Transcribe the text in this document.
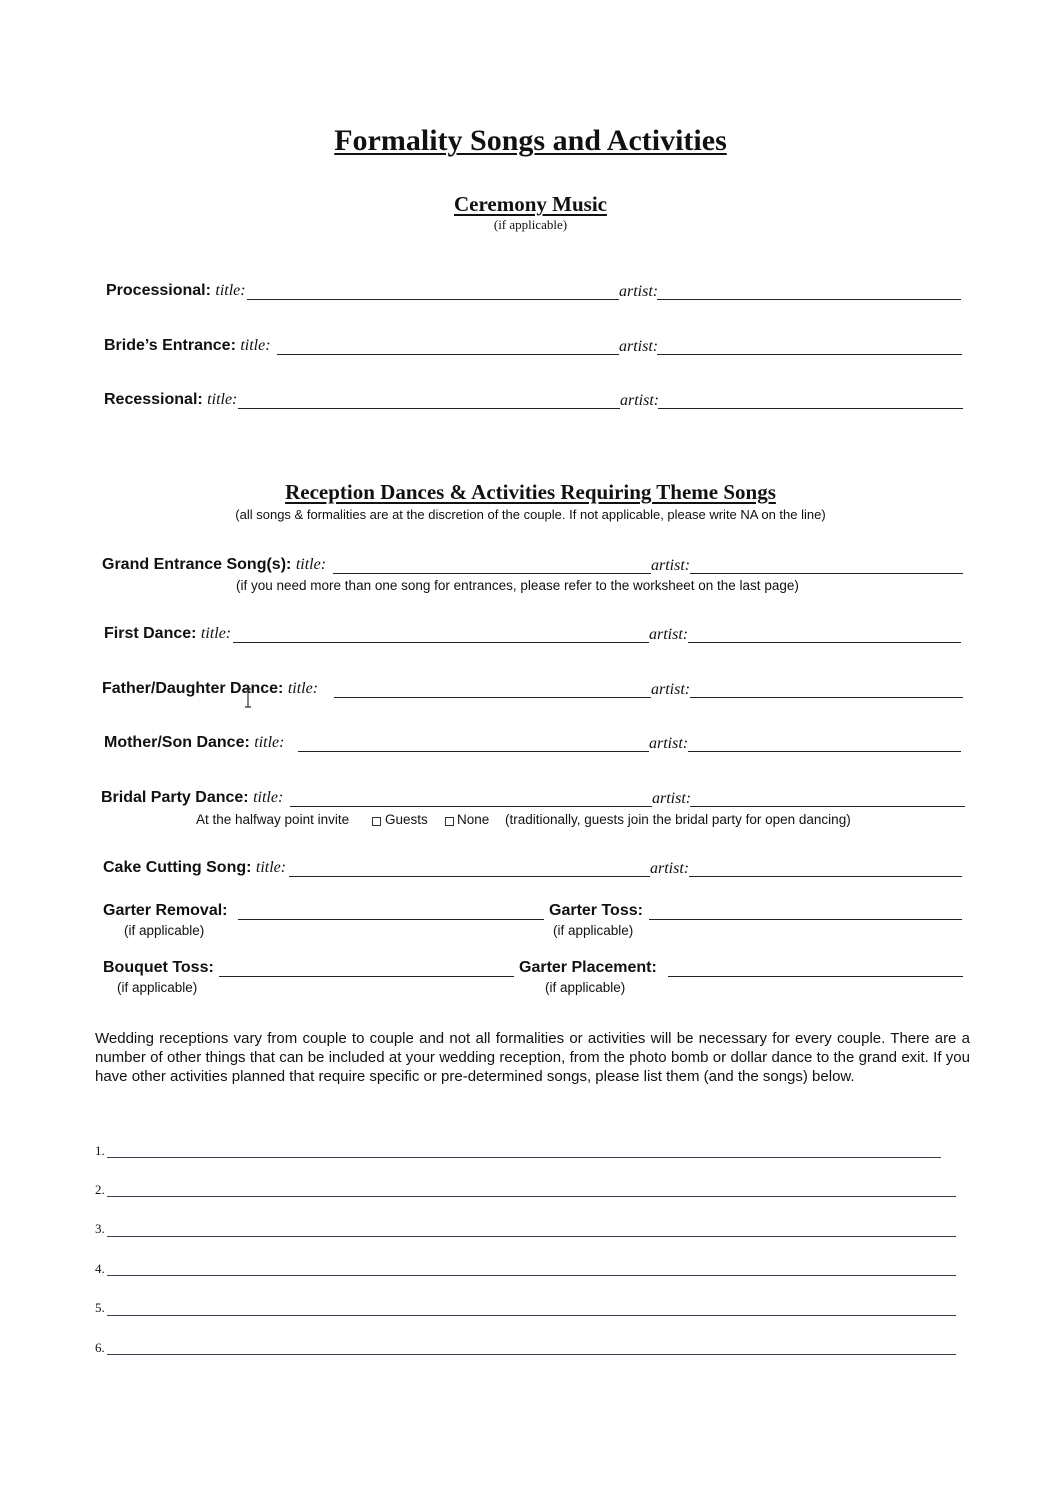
Formality Songs and Activities
Ceremony Music
(if applicable)
Processional: title:	artist:
Bride’s Entrance: title:	artist:
Recessional: title:	artist:
Reception Dances & Activities Requiring Theme Songs
(all songs & formalities are at the discretion of the couple. If not applicable, please write NA on the line)
Grand Entrance Song(s): title:	artist:
(if you need more than one song for entrances, please refer to the worksheet on the last page)
First Dance: title:	artist:
Father/Daughter Dance: title:	artist:
Mother/Son Dance: title:	artist:
Bridal Party Dance: title:	artist:
At the halfway point invite	Guests None (traditionally, guests join the bridal party for open dancing)
Cake Cutting Song: title:	artist:
Garter Removal:
(if applicable)
Garter Toss:
(if applicable)
Bouquet Toss:
(if applicable)
Garter Placement:
(if applicable)
Wedding receptions vary from couple to couple and not all formalities or activities will be necessary for every couple. There are a number of other things that can be included at your wedding reception, from the photo bomb or dollar dance to the grand exit. If you have other activities planned that require specific or pre-determined songs, please list them (and the songs) below.
1.
2.
3.
4.
5.
6.
